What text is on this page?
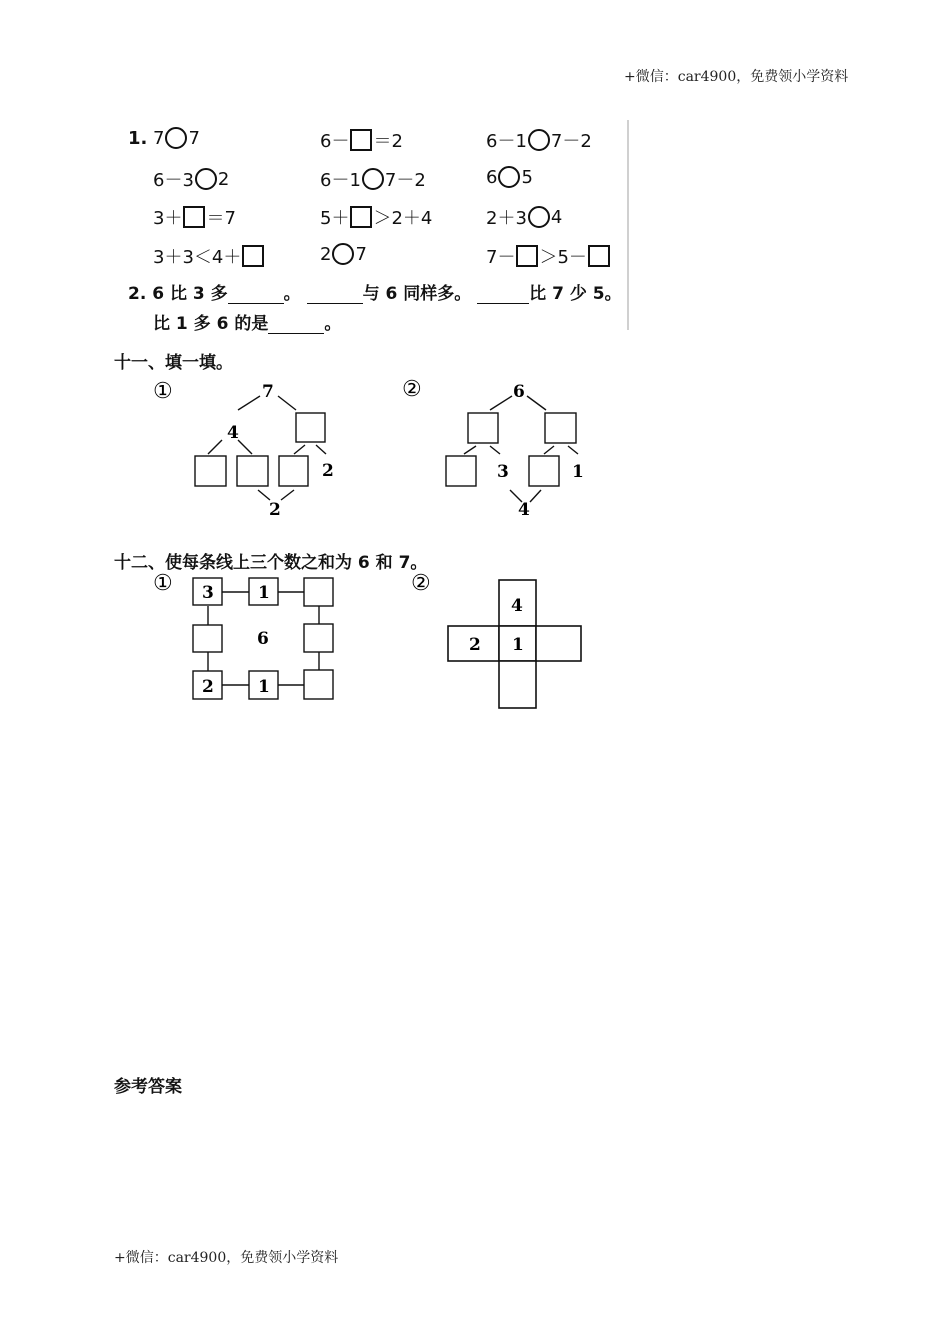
+微信：car4900，免费领小学资料
1. 7 7	6－ ＝2	6－1 7－2
6－3 2	6－1 7－2	6 5
3＋ ＝7	5＋ ＞2＋4	2＋3 4
3＋3＜4＋	2 7	7－ ＞5－
2. 6 比 3 多	。	与 6 同样多。	比 7 少 5。
比 1 多 6 的是	。
十一、填一填。
①	7
4
2
2
②	6
3	1
4
十二、使每条线上三个数之和为 6 和 7。
① 3	1
6
2	1
②
4
2 1
参考答案
+微信：car4900，免费领小学资料
